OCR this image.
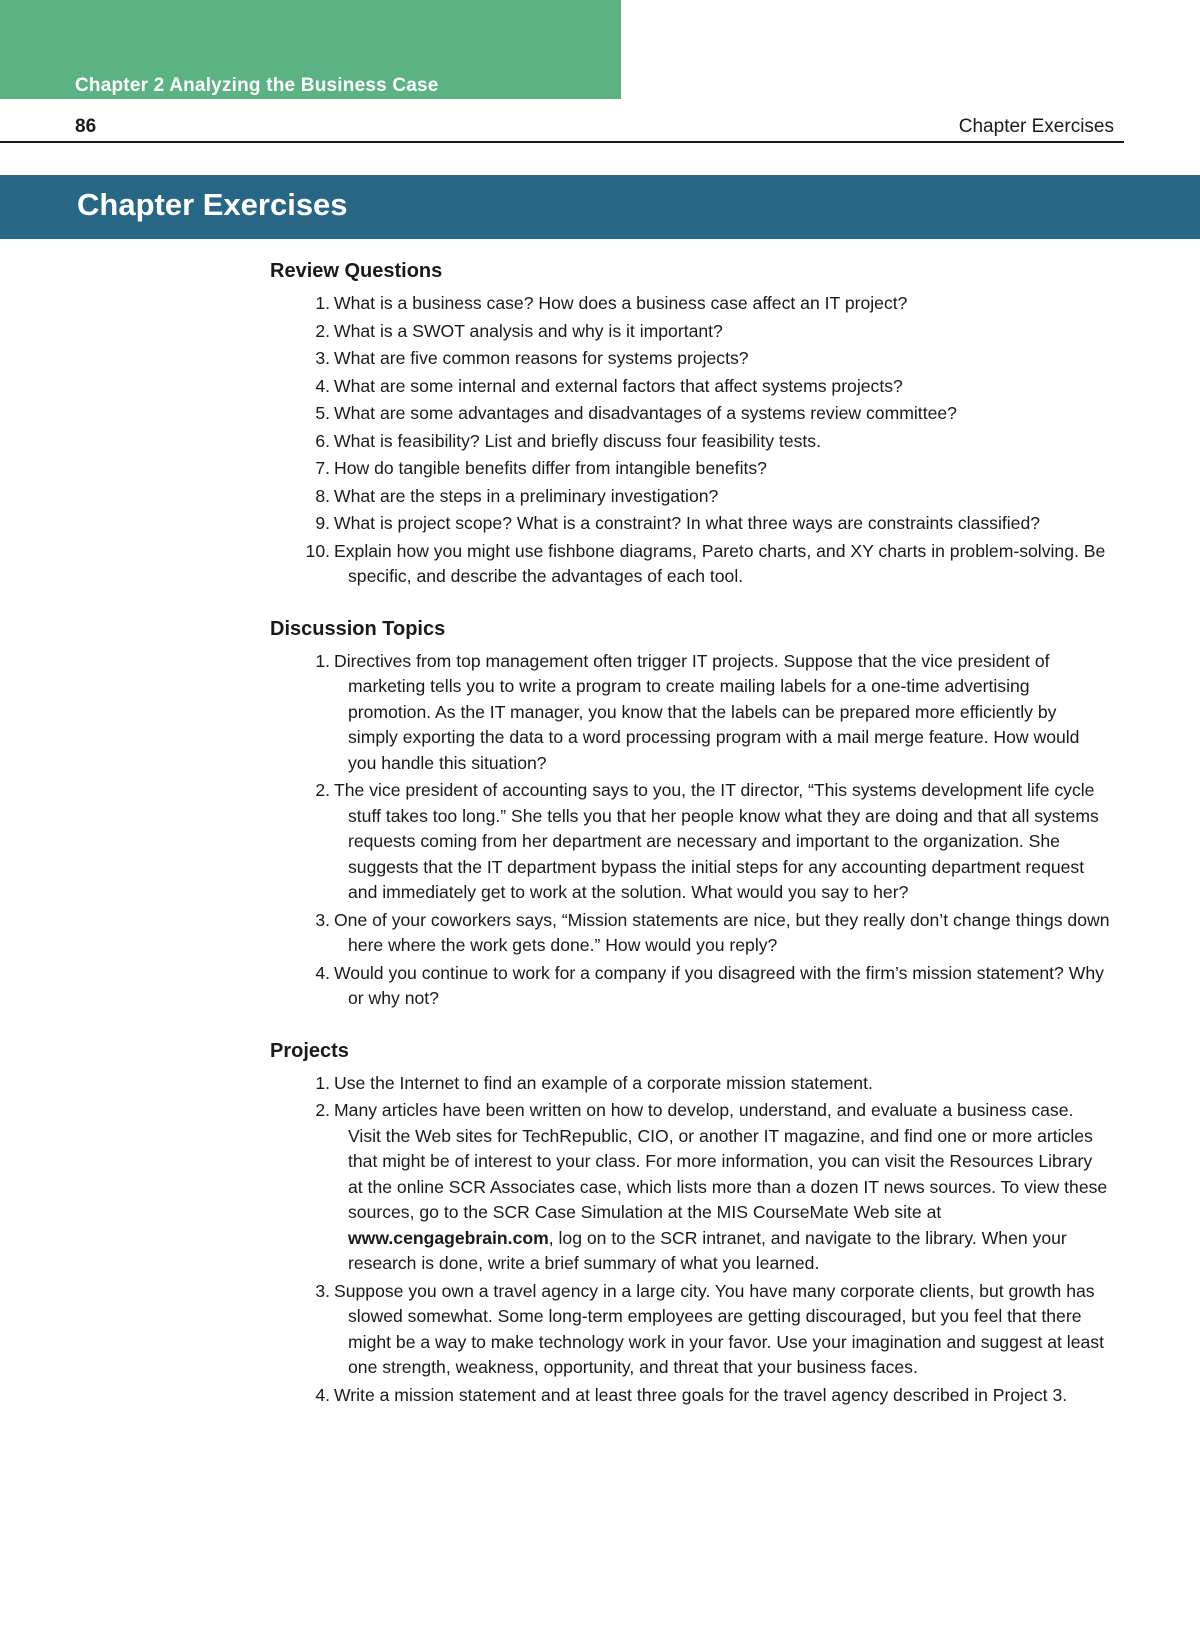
Chapter 2 Analyzing the Business Case
86	Chapter Exercises
Chapter Exercises
Review Questions
1. What is a business case? How does a business case affect an IT project?
2. What is a SWOT analysis and why is it important?
3. What are five common reasons for systems projects?
4. What are some internal and external factors that affect systems projects?
5. What are some advantages and disadvantages of a systems review committee?
6. What is feasibility? List and briefly discuss four feasibility tests.
7. How do tangible benefits differ from intangible benefits?
8. What are the steps in a preliminary investigation?
9. What is project scope? What is a constraint? In what three ways are constraints classified?
10. Explain how you might use fishbone diagrams, Pareto charts, and XY charts in problem-solving. Be specific, and describe the advantages of each tool.
Discussion Topics
1. Directives from top management often trigger IT projects. Suppose that the vice president of marketing tells you to write a program to create mailing labels for a one-time advertising promotion. As the IT manager, you know that the labels can be prepared more efficiently by simply exporting the data to a word processing program with a mail merge feature. How would you handle this situation?
2. The vice president of accounting says to you, the IT director, “This systems development life cycle stuff takes too long.” She tells you that her people know what they are doing and that all systems requests coming from her department are necessary and important to the organization. She suggests that the IT department bypass the initial steps for any accounting department request and immediately get to work at the solution. What would you say to her?
3. One of your coworkers says, “Mission statements are nice, but they really don’t change things down here where the work gets done.” How would you reply?
4. Would you continue to work for a company if you disagreed with the firm’s mission statement? Why or why not?
Projects
1. Use the Internet to find an example of a corporate mission statement.
2. Many articles have been written on how to develop, understand, and evaluate a business case. Visit the Web sites for TechRepublic, CIO, or another IT magazine, and find one or more articles that might be of interest to your class. For more information, you can visit the Resources Library at the online SCR Associates case, which lists more than a dozen IT news sources. To view these sources, go to the SCR Case Simulation at the MIS CourseMate Web site at www.cengagebrain.com, log on to the SCR intranet, and navigate to the library. When your research is done, write a brief summary of what you learned.
3. Suppose you own a travel agency in a large city. You have many corporate clients, but growth has slowed somewhat. Some long-term employees are getting discouraged, but you feel that there might be a way to make technology work in your favor. Use your imagination and suggest at least one strength, weakness, opportunity, and threat that your business faces.
4. Write a mission statement and at least three goals for the travel agency described in Project 3.
